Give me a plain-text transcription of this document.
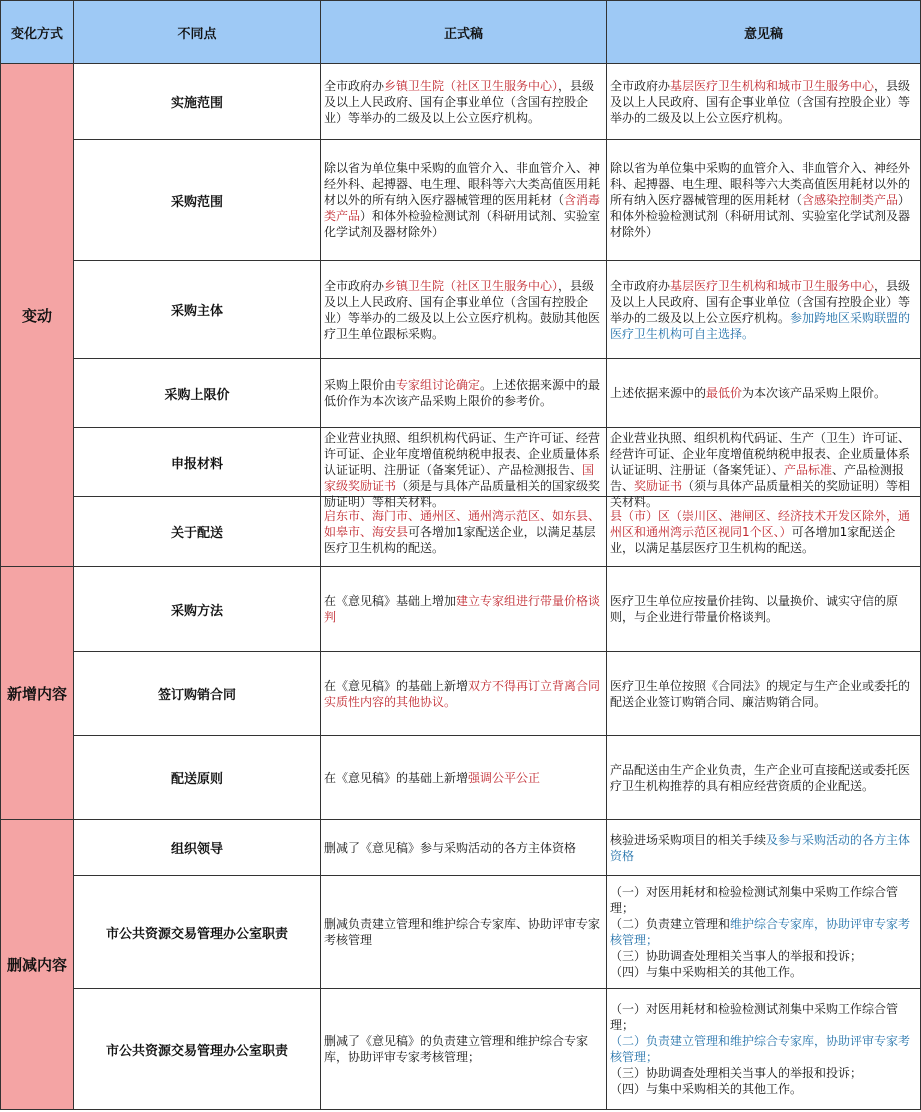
变化方式	不同点	正式稿	意见稿
变动	实施范围	全市政府办乡镇卫生院（社区卫生服务中心），县级及以上人民政府、国有企事业单位（含国有控股企业）等举办的二级及以上公立医疗机构。	全市政府办基层医疗卫生机构和城市卫生服务中心，县级及以上人民政府、国有企事业单位（含国有控股企业）等举办的二级及以上公立医疗机构。

	采购范围	除以省为单位集中采购的血管介入、非血管介入、神经外科、起搏器、电生理、眼科等六大类高值医用耗材以外的所有纳入医疗器械管理的医用耗材（含消毒类产品）和体外检验检测试剂（科研用试剂、实验室化学试剂及器材除外）	除以省为单位集中采购的血管介入、非血管介入、神经外科、起搏器、电生理、眼科等六大类高值医用耗材以外的所有纳入医疗器械管理的医用耗材（含感染控制类产品）和体外检验检测试剂（科研用试剂、实验室化学试剂及器材除外）

	采购主体	全市政府办乡镇卫生院（社区卫生服务中心），县级及以上人民政府、国有企事业单位（含国有控股企业）等举办的二级及以上公立医疗机构。鼓励其他医疗卫生单位跟标采购。	全市政府办基层医疗卫生机构和城市卫生服务中心，县级及以上人民政府、国有企事业单位（含国有控股企业）等举办的二级及以上公立医疗机构。参加跨地区采购联盟的医疗卫生机构可自主选择。

	采购上限价	采购上限价由专家组讨论确定。上述依据来源中的最低价作为本次该产品采购上限价的参考价。	上述依据来源中的最低价为本次该产品采购上限价。

	申报材料	企业营业执照、组织机构代码证、生产许可证、经营许可证、企业年度增值税纳税申报表、企业质量体系认证证明、注册证（备案凭证）、产品检测报告、国家级奖励证书（须是与具体产品质量相关的国家级奖励证明）等相关材料。	企业营业执照、组织机构代码证、生产（卫生）许可证、经营许可证、企业年度增值税纳税申报表、企业质量体系认证证明、注册证（备案凭证）、产品标准、产品检测报告、奖励证书（须与具体产品质量相关的奖励证明）等相关材料。

	关于配送	启东市、海门市、通州区、通州湾示范区、如东县、如皋市、海安县可各增加1家配送企业，以满足基层医疗卫生机构的配送。	县（市）区（崇川区、港闸区、经济技术开发区除外，通州区和通州湾示范区视同1个区、）可各增加1家配送企业，以满足基层医疗卫生机构的配送。

新增内容	采购方法	在《意见稿》基础上增加建立专家组进行带量价格谈判	医疗卫生单位应按量价挂钩、以量换价、诚实守信的原则，与企业进行带量价格谈判。

	签订购销合同	在《意见稿》的基础上新增双方不得再订立背离合同实质性内容的其他协议。	医疗卫生单位按照《合同法》的规定与生产企业或委托的配送企业签订购销合同、廉洁购销合同。

	配送原则	在《意见稿》的基础上新增强调公平公正	产品配送由生产企业负责，生产企业可直接配送或委托医疗卫生机构推荐的具有相应经营资质的企业配送。

删减内容	组织领导	删减了《意见稿》参与采购活动的各方主体资格	核验进场采购项目的相关手续及参与采购活动的各方主体资格

	市公共资源交易管理办公室职责	删减负责建立管理和维护综合专家库、协助评审专家考核管理	（一）对医用耗材和检验检测试剂集中采购工作综合管理；
（二）负责建立管理和维护综合专家库，协助评审专家考核管理；
（三）协助调查处理相关当事人的举报和投诉；
（四）与集中采购相关的其他工作。

	市公共资源交易管理办公室职责	删减了《意见稿》的负责建立管理和维护综合专家库，协助评审专家考核管理；	（一）对医用耗材和检验检测试剂集中采购工作综合管理；
（二）负责建立管理和维护综合专家库，协助评审专家考核管理；
（三）协助调查处理相关当事人的举报和投诉；
（四）与集中采购相关的其他工作。
